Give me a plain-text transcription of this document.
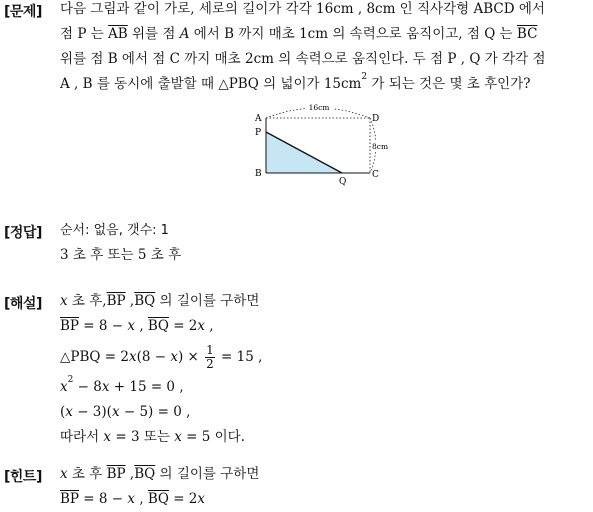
[문제] 다음 그림과 같이 가로, 세로의 길이가 각각 16cm , 8cm 인 직사각형 ABCD 에서
점 P 는 $\overline{AB}$ 위를 점 A 에서 B 까지 매초 1cm 의 속력으로 움직이고, 점 Q 는 $\overline{BC}$
위를 점 B 에서 점 C 까지 매초 2cm 의 속력으로 움직인다. 두 점 P , Q 가 각각 점
A , B 를 동시에 출발할 때 △PBQ 의 넓이가 $15cm^2$ 가 되는 것은 몇 초 후인가?
16cm
8cm
A
P
B
D
C
Q
[정답] 순서: 없음, 갯수: 1
3 초 후 또는 5 초 후
[해설] x 초 후$,\overline{BP}$ $,\overline{BQ}$ 의 길이를 구하면
$\overline{BP} = 8 - x$ , $\overline{BQ} = 2x$ ,
△PBQ = $2x(8 - x) \times \frac{1}{2} = 15$ ,
$x^2 - 8x + 15 = 0$ ,
(x − 3)(x − 5) = 0 ,
따라서 x = 3 또는 x = 5 이다.
[힌트] x 초 후 $\overline{BP}$ $,\overline{BQ}$ 의 길이를 구하면
$\overline{BP} = 8 - x$ , $\overline{BQ} = 2x$
